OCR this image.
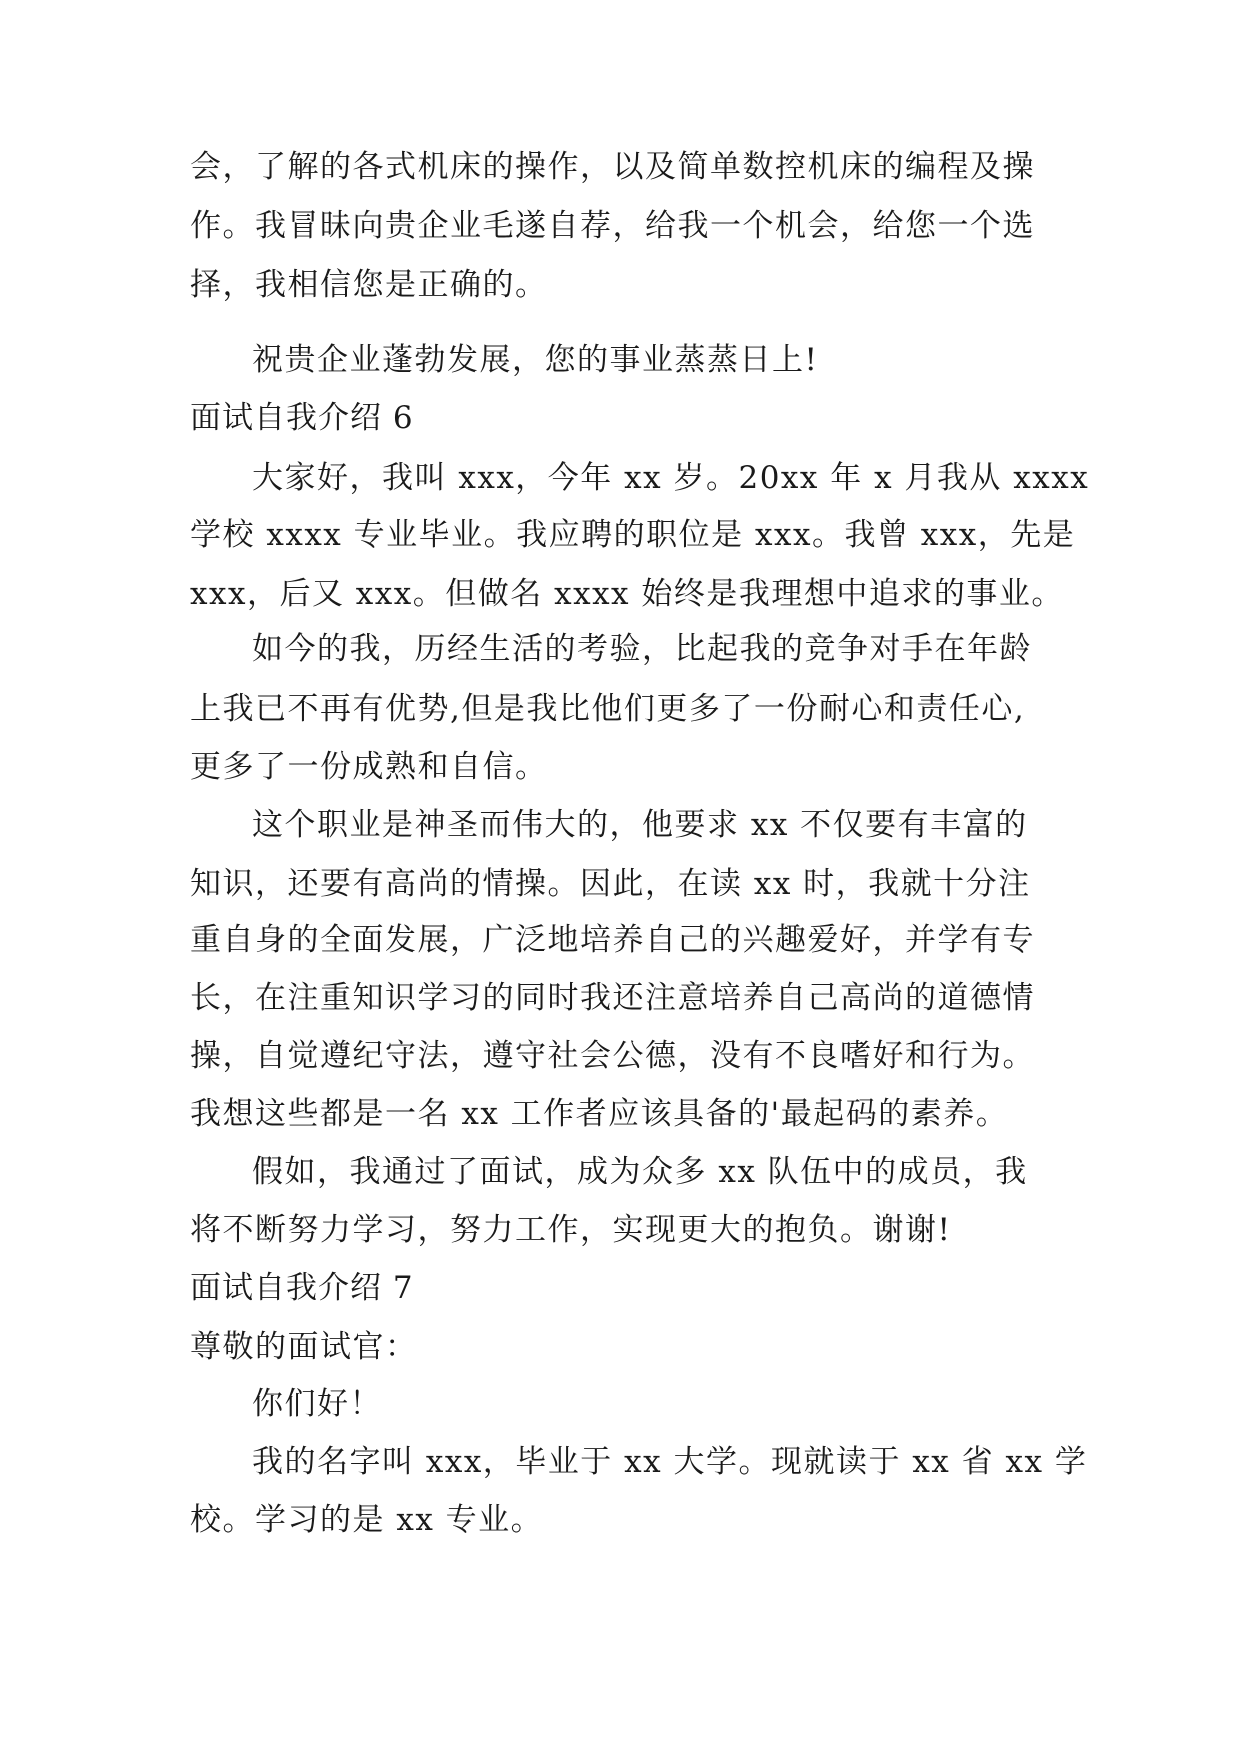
会，了解的各式机床的操作，以及简单数控机床的编程及操
作。我冒昧向贵企业毛遂自荐，给我一个机会，给您一个选
择，我相信您是正确的。
祝贵企业蓬勃发展，您的事业蒸蒸日上!
面试自我介绍 6
大家好，我叫 xxx，今年 xx 岁。20xx 年 x 月我从 xxxx
学校 xxxx 专业毕业。我应聘的职位是 xxx。我曾 xxx，先是
xxx，后又 xxx。但做名 xxxx 始终是我理想中追求的事业。
如今的我，历经生活的考验，比起我的竞争对手在年龄
上我已不再有优势,但是我比他们更多了一份耐心和责任心,
更多了一份成熟和自信。
这个职业是神圣而伟大的，他要求 xx 不仅要有丰富的
知识，还要有高尚的情操。因此，在读 xx 时，我就十分注
重自身的全面发展，广泛地培养自己的兴趣爱好，并学有专
长，在注重知识学习的同时我还注意培养自己高尚的道德情
操，自觉遵纪守法，遵守社会公德，没有不良嗜好和行为。
我想这些都是一名 xx 工作者应该具备的'最起码的素养。
假如，我通过了面试，成为众多 xx 队伍中的成员，我
将不断努力学习，努力工作，实现更大的抱负。谢谢!
面试自我介绍 7
尊敬的面试官：
你们好！
我的名字叫 xxx，毕业于 xx 大学。现就读于 xx 省 xx 学
校。学习的是 xx 专业。
